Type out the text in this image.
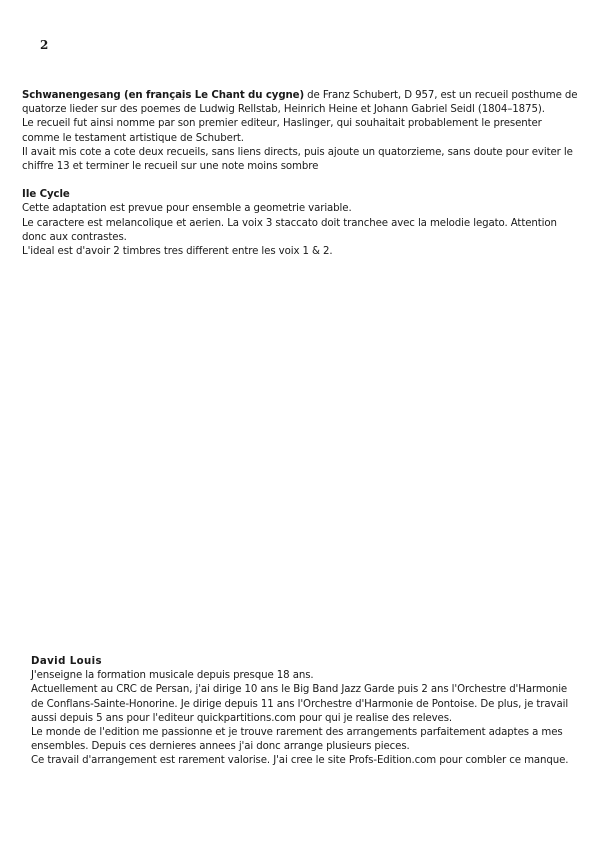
2

Schwanengesang (en français Le Chant du cygne) de Franz Schubert, D 957, est un recueil posthume de quatorze lieder sur des poemes de Ludwig Rellstab, Heinrich Heine et Johann Gabriel Seidl (1804–1875).

Le recueil fut ainsi nomme par son premier editeur, Haslinger, qui souhaitait probablement le presenter comme le testament artistique de Schubert.

Il avait mis cote a cote deux recueils, sans liens directs, puis ajoute un quatorzieme, sans doute pour eviter le chiffre 13 et terminer le recueil sur une note moins sombre

IIe Cycle

Cette adaptation est prevue pour ensemble a geometrie variable.

Le caractere est melancolique et aerien. La voix 3 staccato doit tranchee avec la melodie legato. Attention donc aux contrastes.

L'ideal est d'avoir 2 timbres tres different entre les voix 1 & 2.

David Louis

J'enseigne la formation musicale depuis presque 18 ans.

Actuellement au CRC de Persan, j'ai dirige 10 ans le Big Band Jazz Garde puis 2 ans l'Orchestre d'Harmonie de Conflans-Sainte-Honorine. Je dirige depuis 11 ans l'Orchestre d'Harmonie de Pontoise. De plus, je travail aussi depuis 5 ans pour l'editeur quickpartitions.com pour qui je realise des releves.

Le monde de l'edition me passionne et je trouve rarement des arrangements parfaitement adaptes a mes ensembles. Depuis ces dernieres annees j'ai donc arrange plusieurs pieces.

Ce travail d'arrangement est rarement valorise. J'ai cree le site Profs-Edition.com pour combler ce manque.
